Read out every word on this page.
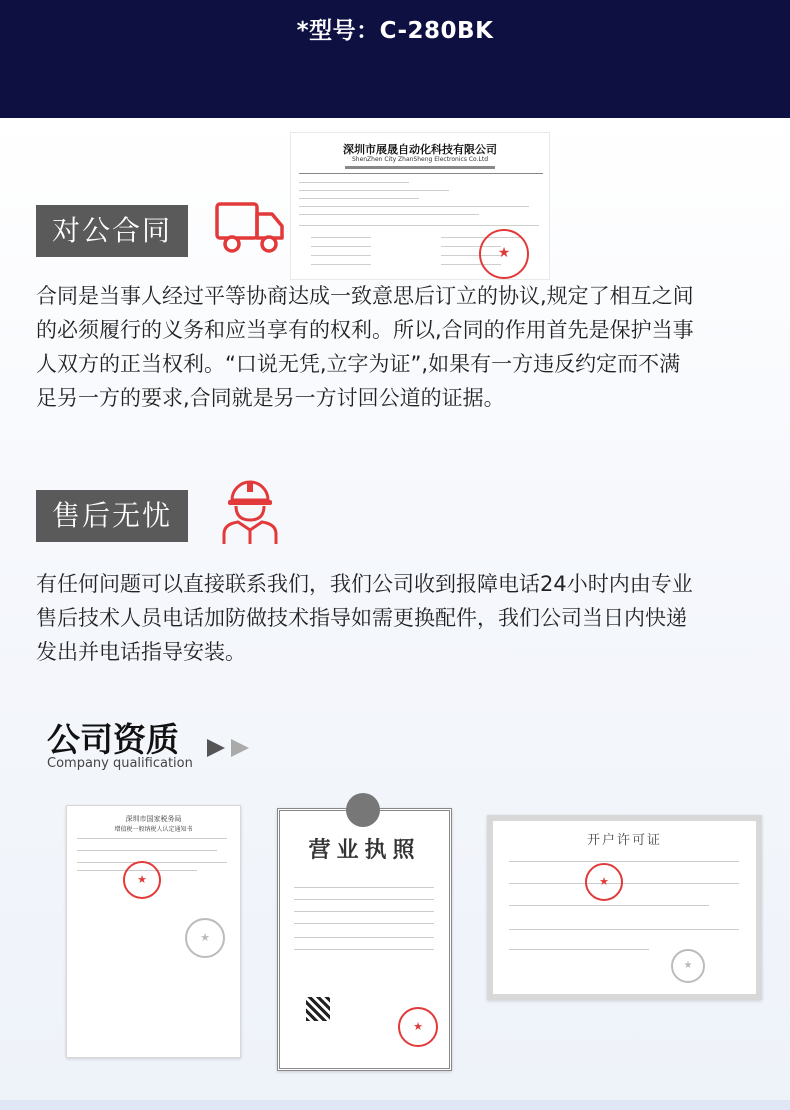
*型号：C-280BK
深圳市展晟自动化科技有限公司
ShenZhen City ZhanSheng Electronics Co.Ltd
★
对公合同
合同是当事人经过平等协商达成一致意思后订立的协议,规定了相互之间
的必须履行的义务和应当享有的权利。所以,合同的作用首先是保护当事
人双方的正当权利。“口说无凭,立字为证”,如果有一方违反约定而不满
足另一方的要求,合同就是另一方讨回公道的证据。
售后无忧
有任何问题可以直接联系我们，我们公司收到报障电话24小时内由专业
售后技术人员电话加防做技术指导如需更换配件，我们公司当日内快递
发出并电话指导安装。
公司资质
Company qualification
深圳市国家税务局
增值税一般纳税人认定通知书
★
★
营业执照
★
开户许可证
★
★
